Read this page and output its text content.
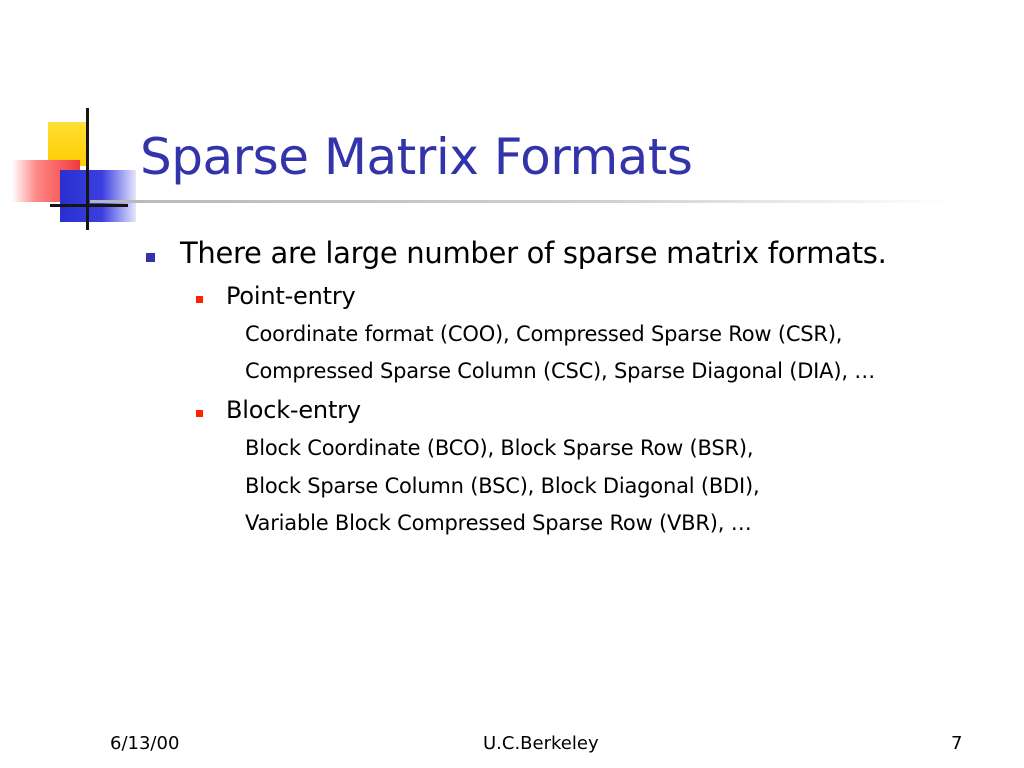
Sparse Matrix Formats
There are large number of sparse matrix formats.
Point-entry
Coordinate format (COO), Compressed Sparse Row (CSR),
Compressed Sparse Column (CSC), Sparse Diagonal (DIA), …
Block-entry
Block Coordinate (BCO), Block Sparse Row (BSR),
Block Sparse Column (BSC), Block Diagonal (BDI),
Variable Block Compressed Sparse Row (VBR), …
6/13/00	U.C.Berkeley	7
